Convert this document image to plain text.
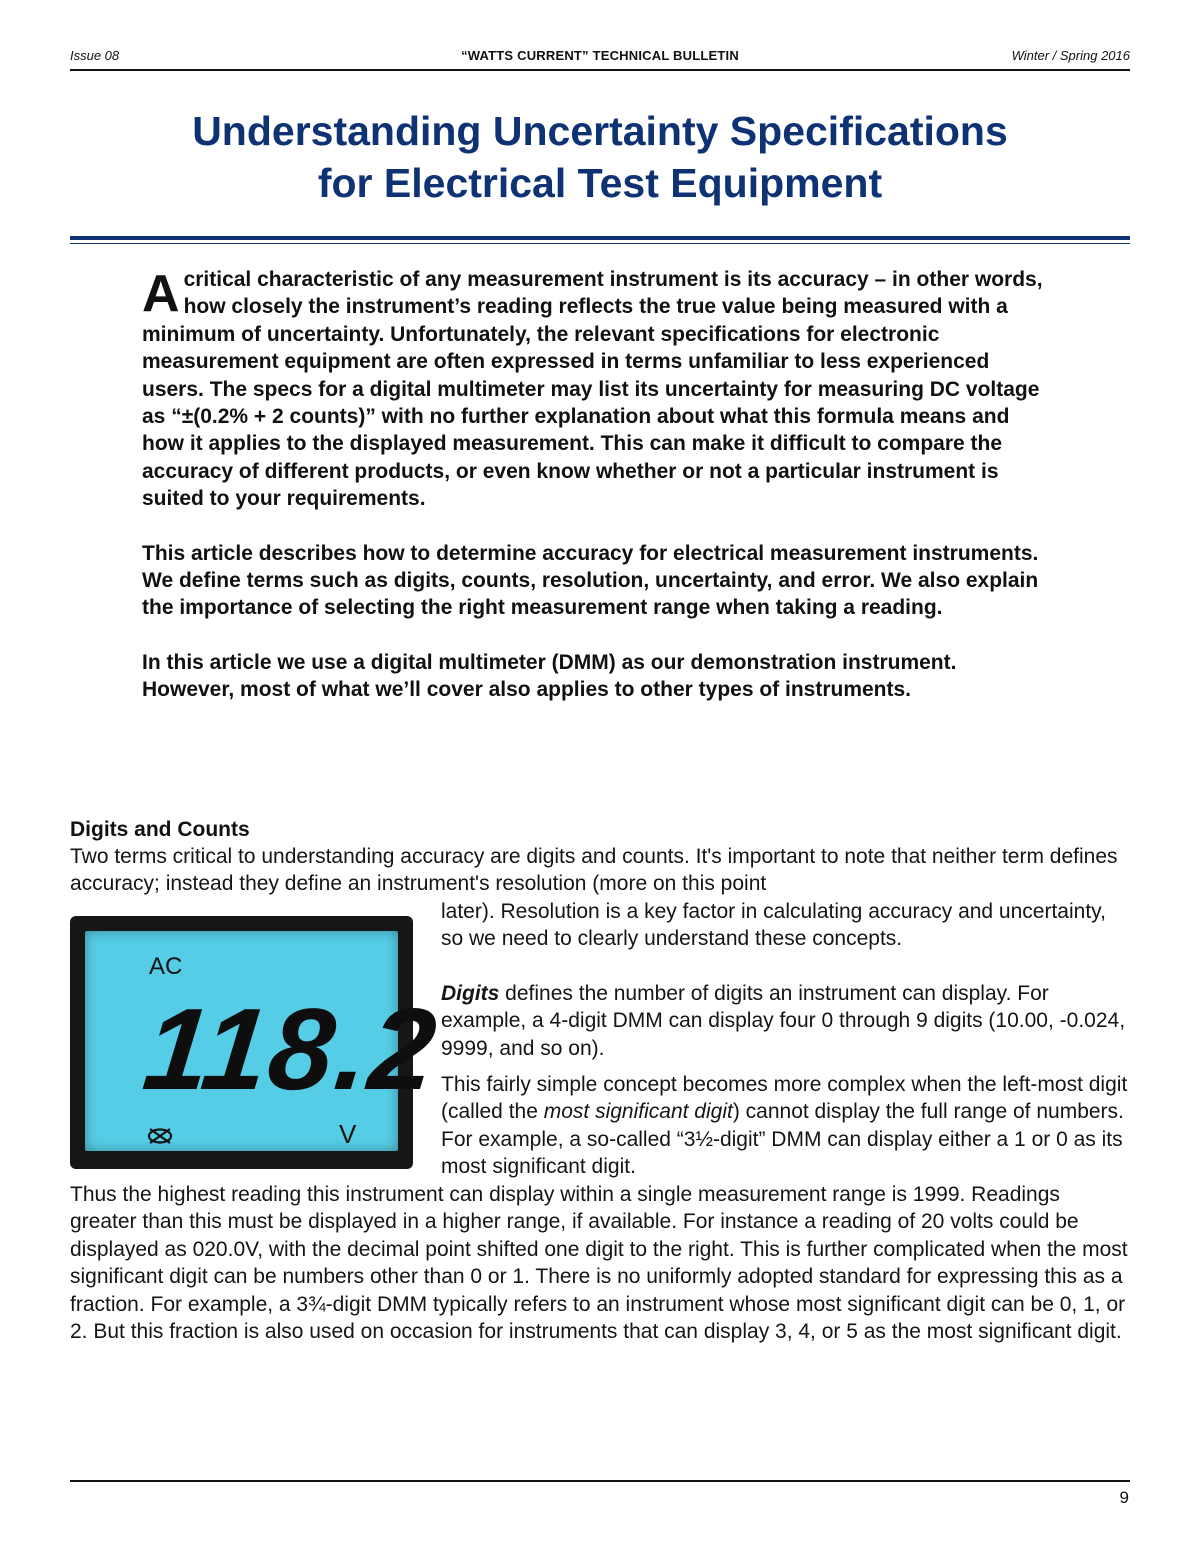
Issue 08	“WATTS CURRENT” TECHNICAL BULLETIN	Winter / Spring 2016
Understanding Uncertainty Specifications
for Electrical Test Equipment

Acritical characteristic of any measurement instrument is its accuracy – in other words, how closely the instrument’s reading reflects the true value being measured with a minimum of uncertainty. Unfortunately, the relevant specifications for electronic measurement equipment are often expressed in terms unfamiliar to less experienced users. The specs for a digital multimeter may list its uncertainty for measuring DC voltage as “±(0.2% + 2 counts)” with no further explanation about what this formula means and how it applies to the displayed measurement. This can make it difficult to compare the accuracy of different products, or even know whether or not a particular instrument is suited to your requirements.

This article describes how to determine accuracy for electrical measurement instruments. We define terms such as digits, counts, resolution, uncertainty, and error. We also explain the importance of selecting the right measurement range when taking a reading.

In this article we use a digital multimeter (DMM) as our demonstration instrument. However, most of what we’ll cover also applies to other types of instruments.

Digits and Counts

Two terms critical to understanding accuracy are digits and counts. It's important to note that neither term defines accuracy; instead they define an instrument's resolution (more on this point

AC
118.2
V

later). Resolution is a key factor in calculating accuracy and uncertainty, so we need to clearly understand these concepts.

Digits defines the number of digits an instrument can display. For example, a 4-digit DMM can display four 0 through 9 digits (10.00, -0.024, 9999, and so on).

This fairly simple concept becomes more complex when the left-most digit (called the most significant digit) cannot display the full range of numbers. For example, a so-called “3½-digit” DMM can display either a 1 or 0 as its most significant digit.

Thus the highest reading this instrument can display within a single measurement range is 1999. Readings greater than this must be displayed in a higher range, if available. For instance a reading of 20 volts could be displayed as 020.0V, with the decimal point shifted one digit to the right. This is further complicated when the most significant digit can be numbers other than 0 or 1. There is no uniformly adopted standard for expressing this as a fraction. For example, a 3¾-digit DMM typically refers to an instrument whose most significant digit can be 0, 1, or 2. But this fraction is also used on occasion for instruments that can display 3, 4, or 5 as the most significant digit.

9
